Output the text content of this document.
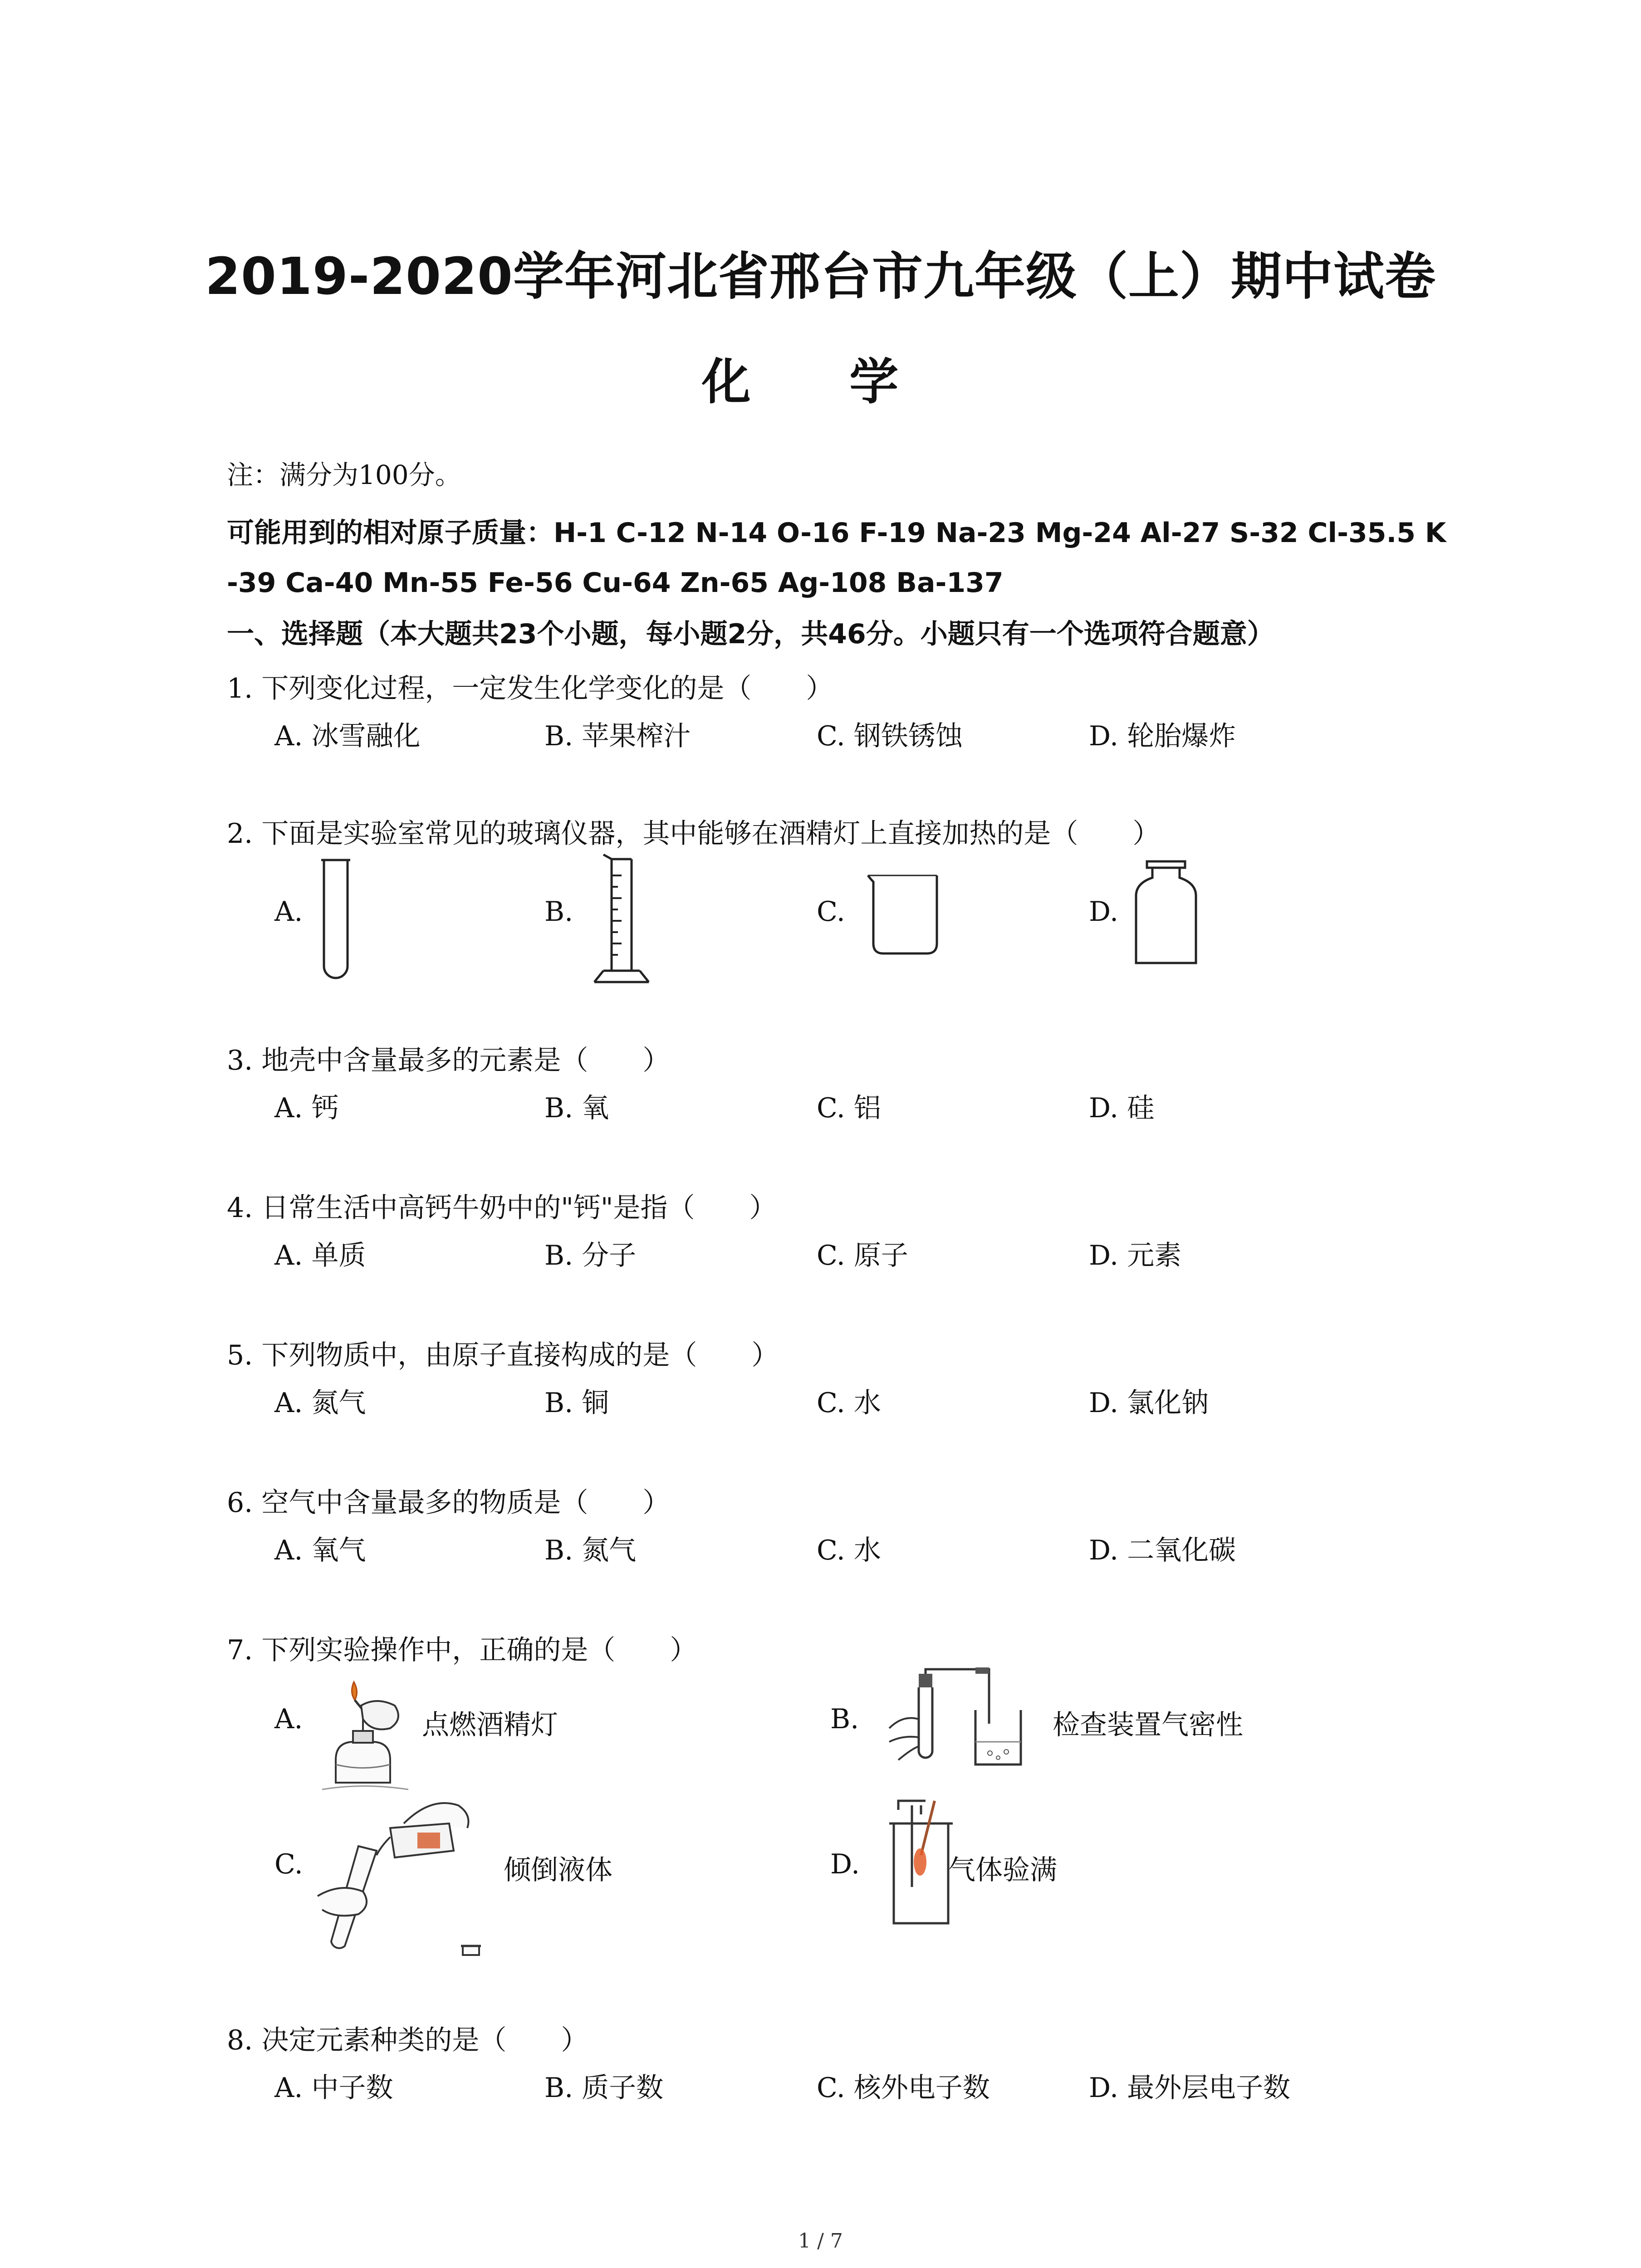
2019-2020学年河北省邢台市九年级（上）期中试卷
化 学
注：满分为100分。
可能用到的相对原子质量：H-1 C-12 N-14 O-16 F-19 Na-23 Mg-24 Al-27 S-32 Cl-35.5 K
-39 Ca-40 Mn-55 Fe-56 Cu-64 Zn-65 Ag-108 Ba-137
一、选择题（本大题共23个小题，每小题2分，共46分。小题只有一个选项符合题意）
1. 下列变化过程，一定发生化学变化的是（　　）
A. 冰雪融化	B. 苹果榨汁	C. 钢铁锈蚀	D. 轮胎爆炸
2. 下面是实验室常见的玻璃仪器，其中能够在酒精灯上直接加热的是（　　）
A.	B.	C.	D.
3. 地壳中含量最多的元素是（　　）
A. 钙	B. 氧	C. 铝	D. 硅
4. 日常生活中高钙牛奶中的"钙"是指（　　）
A. 单质	B. 分子	C. 原子	D. 元素
5. 下列物质中，由原子直接构成的是（　　）
A. 氮气	B. 铜	C. 水	D. 氯化钠
6. 空气中含量最多的物质是（　　）
A. 氧气	B. 氮气	C. 水	D. 二氧化碳
7. 下列实验操作中，正确的是（　　）
A.	点燃酒精灯	B.	检查装置气密性
C.	倾倒液体	D.	气体验满
8. 决定元素种类的是（　　）
A. 中子数	B. 质子数	C. 核外电子数	D. 最外层电子数
1 / 7
